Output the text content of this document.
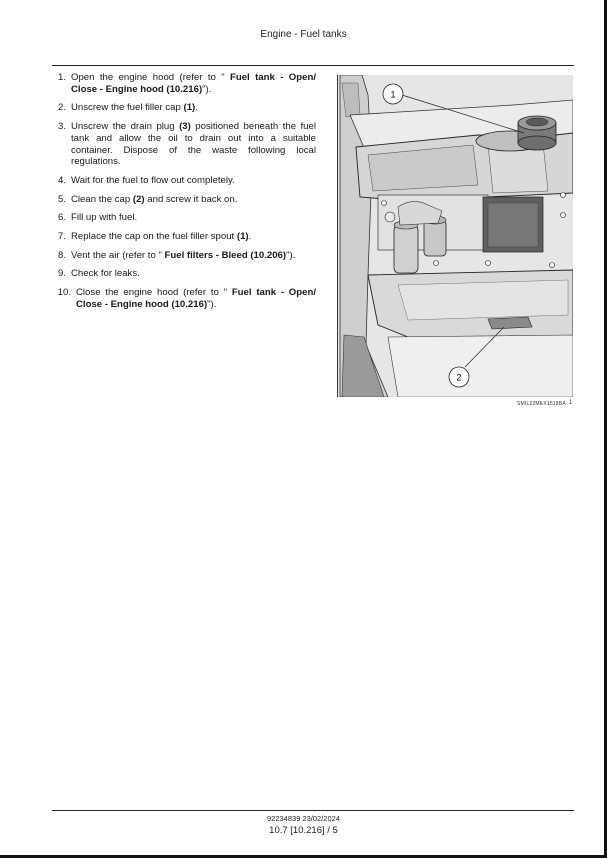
Engine - Fuel tanks
1. Open the engine hood (refer to " Fuel tank - Open/ Close - Engine hood (10.216)").
2. Unscrew the fuel filler cap (1).
3. Unscrew the drain plug (3) positioned beneath the fuel tank and allow the oil to drain out into a suitable container. Dispose of the waste following local regulations.
4. Wait for the fuel to flow out completely.
5. Clean the cap (2) and screw it back on.
6. Fill up with fuel.
7. Replace the cap on the fuel filler spout (1).
8. Vent the air (refer to " Fuel filters - Bleed (10.206)").
9. Check for leaks.
10. Close the engine hood (refer to " Fuel tank - Open/ Close - Engine hood (10.216)").
1
2
SMIL22MEX1518BA 1
92234839 23/02/2024
10.7 [10.216] / 5
